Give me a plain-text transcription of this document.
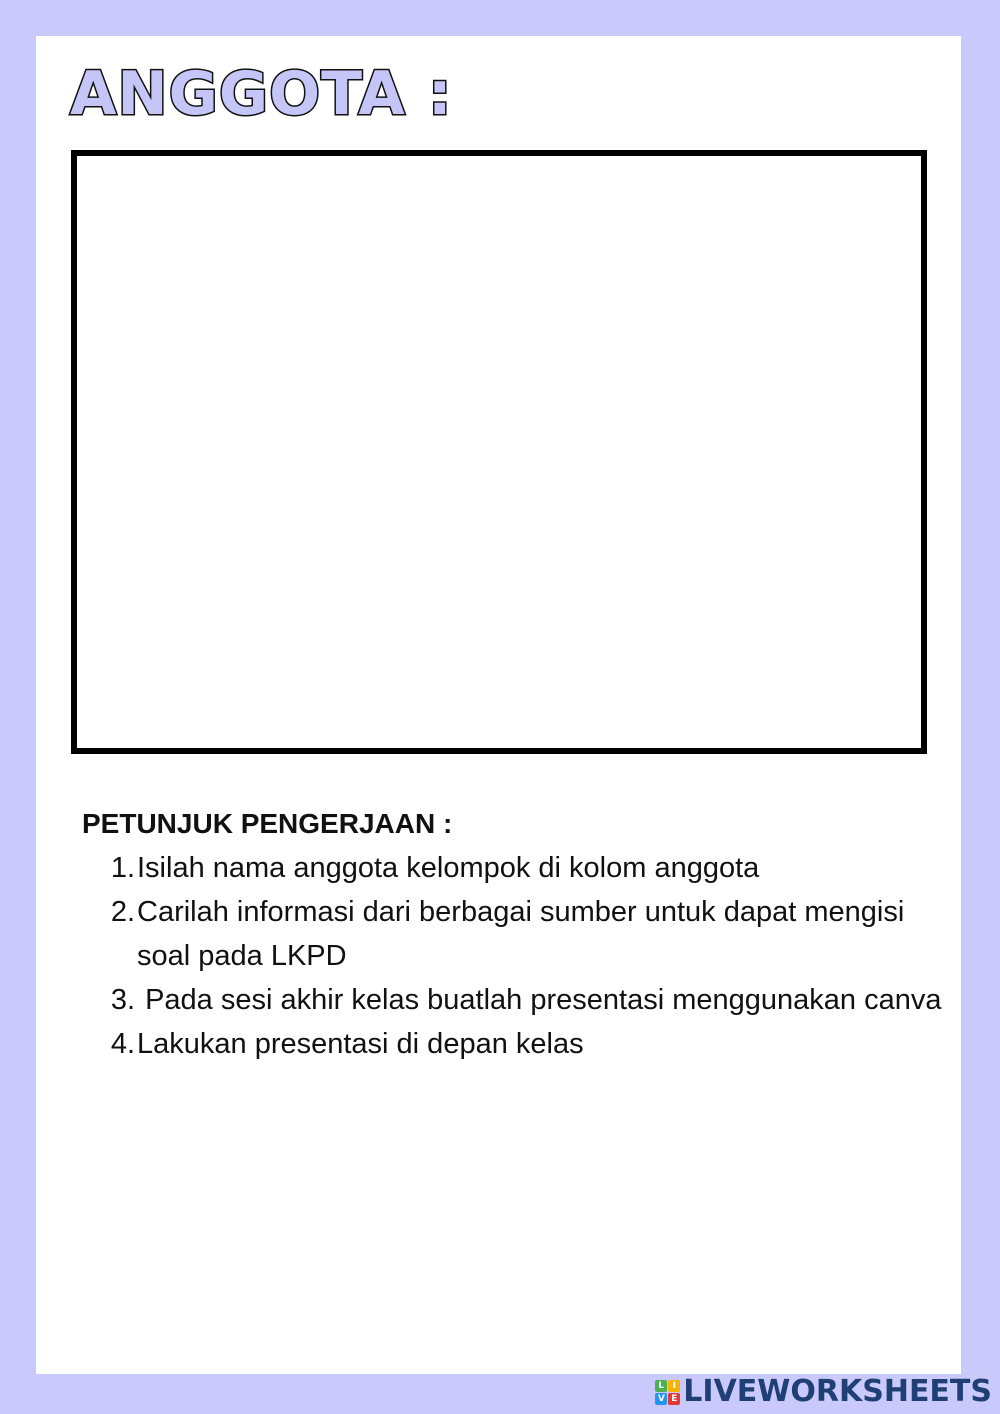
ANGGOTA :

PETUNJUK PENGERJAAN :

1. Isilah nama anggota kelompok di kolom anggota
2. Carilah informasi dari berbagai sumber untuk dapat mengisi soal pada LKPD
3. Pada sesi akhir kelas buatlah presentasi menggunakan canva
4. Lakukan presentasi di depan kelas
L I
V E LIVEWORKSHEETS
